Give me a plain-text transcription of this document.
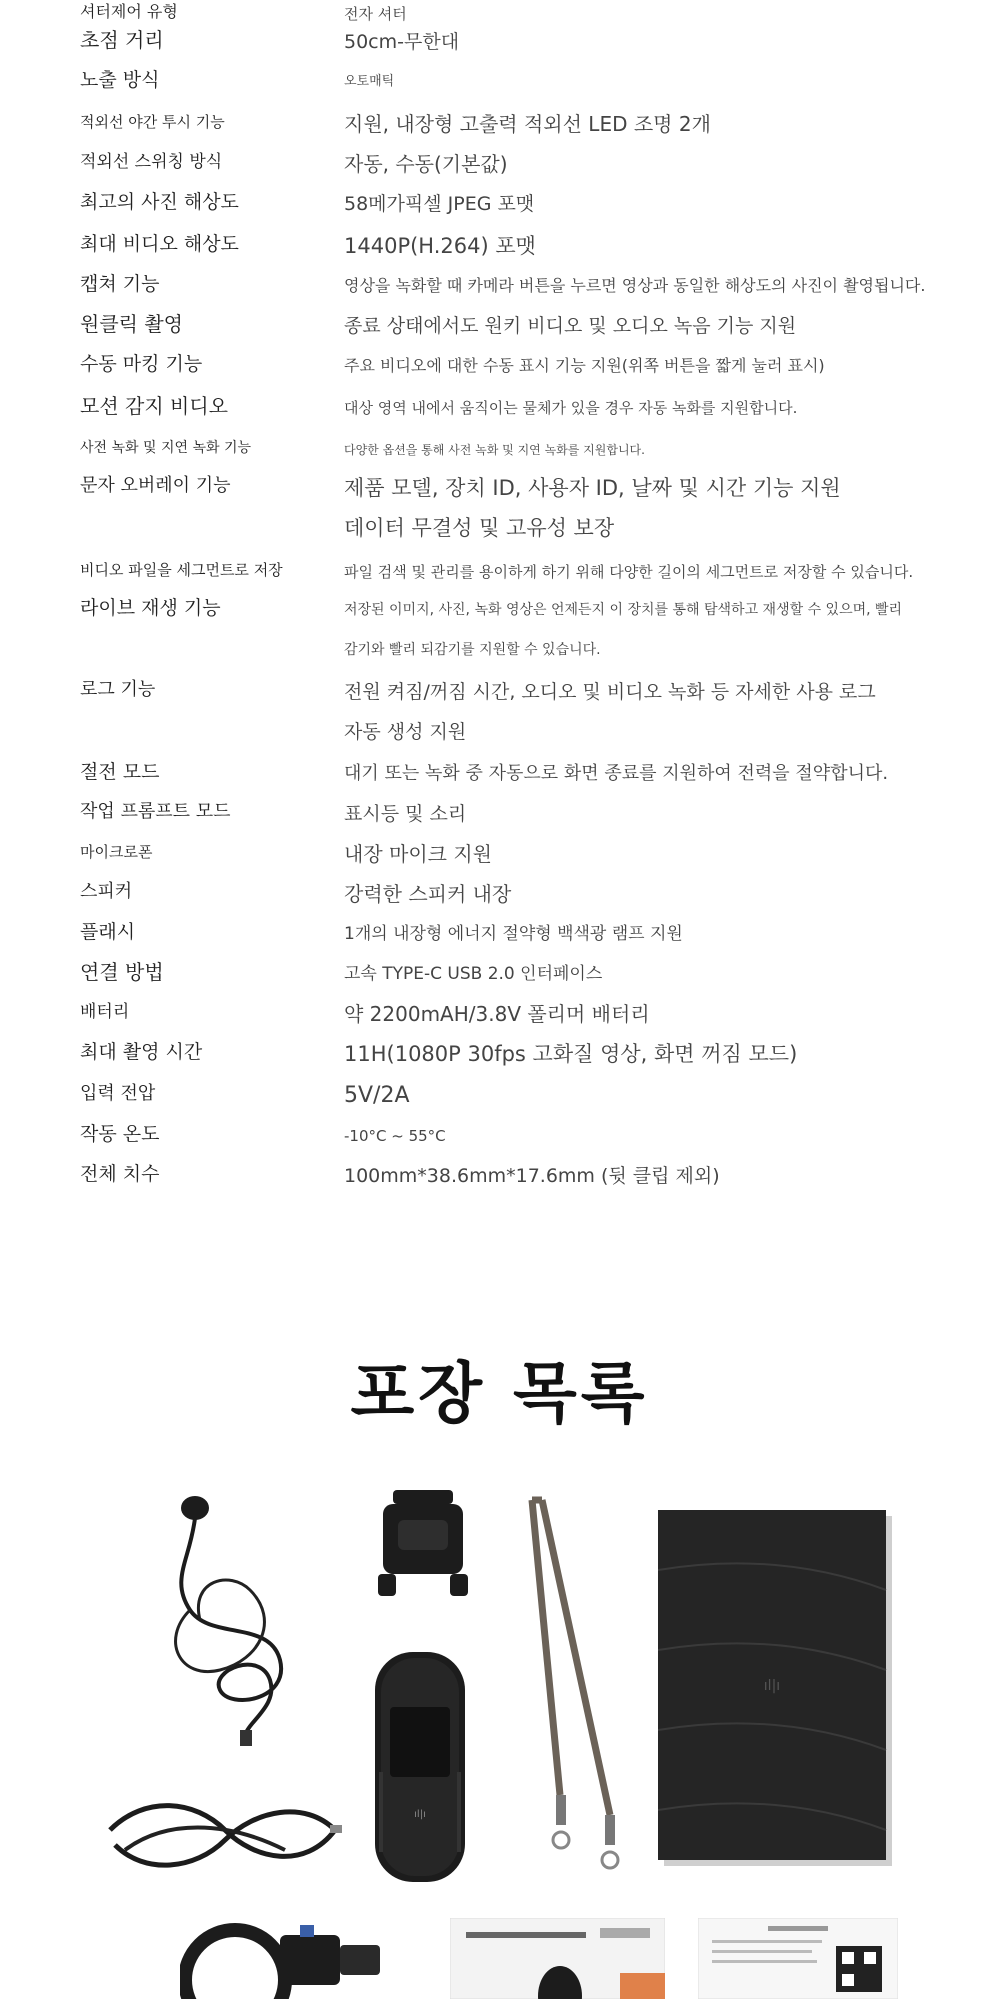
셔터제어 유형	전자 셔터
초점 거리	50cm-무한대
노출 방식	오토매틱
적외선 야간 투시 기능	지원, 내장형 고출력 적외선 LED 조명 2개
적외선 스위칭 방식	자동, 수동(기본값)
최고의 사진 해상도	58메가픽셀 JPEG 포맷
최대 비디오 해상도	1440P(H.264) 포맷
캡쳐 기능	영상을 녹화할 때 카메라 버튼을 누르면 영상과 동일한 해상도의 사진이 촬영됩니다.
원클릭 촬영	종료 상태에서도 원키 비디오 및 오디오 녹음 기능 지원
수동 마킹 기능	주요 비디오에 대한 수동 표시 기능 지원(위쪽 버튼을 짧게 눌러 표시)
모션 감지 비디오	대상 영역 내에서 움직이는 물체가 있을 경우 자동 녹화를 지원합니다.
사전 녹화 및 지연 녹화 기능	다양한 옵션을 통해 사전 녹화 및 지연 녹화를 지원합니다.
문자 오버레이 기능	제품 모델, 장치 ID, 사용자 ID, 날짜 및 시간 기능 지원
데이터 무결성 및 고유성 보장
비디오 파일을 세그먼트로 저장	파일 검색 및 관리를 용이하게 하기 위해 다양한 길이의 세그먼트로 저장할 수 있습니다.
라이브 재생 기능	저장된 이미지, 사진, 녹화 영상은 언제든지 이 장치를 통해 탐색하고 재생할 수 있으며, 빨리
감기와 빨리 되감기를 지원할 수 있습니다.
로그 기능	전원 켜짐/꺼짐 시간, 오디오 및 비디오 녹화 등 자세한 사용 로그
자동 생성 지원
절전 모드	대기 또는 녹화 중 자동으로 화면 종료를 지원하여 전력을 절약합니다.
작업 프롬프트 모드	표시등 및 소리
마이크로폰	내장 마이크 지원
스피커	강력한 스피커 내장
플래시	1개의 내장형 에너지 절약형 백색광 램프 지원
연결 방법	고속 TYPE-C USB 2.0 인터페이스
배터리	약 2200mAH/3.8V 폴리머 배터리
최대 촬영 시간	11H(1080P 30fps 고화질 영상, 화면 꺼짐 모드)
입력 전압	5V/2A
작동 온도	-10°C ~ 55°C
전체 치수	100mm*38.6mm*17.6mm (뒷 클립 제외)
포장 목록
ıl|ı
ıl|ı
